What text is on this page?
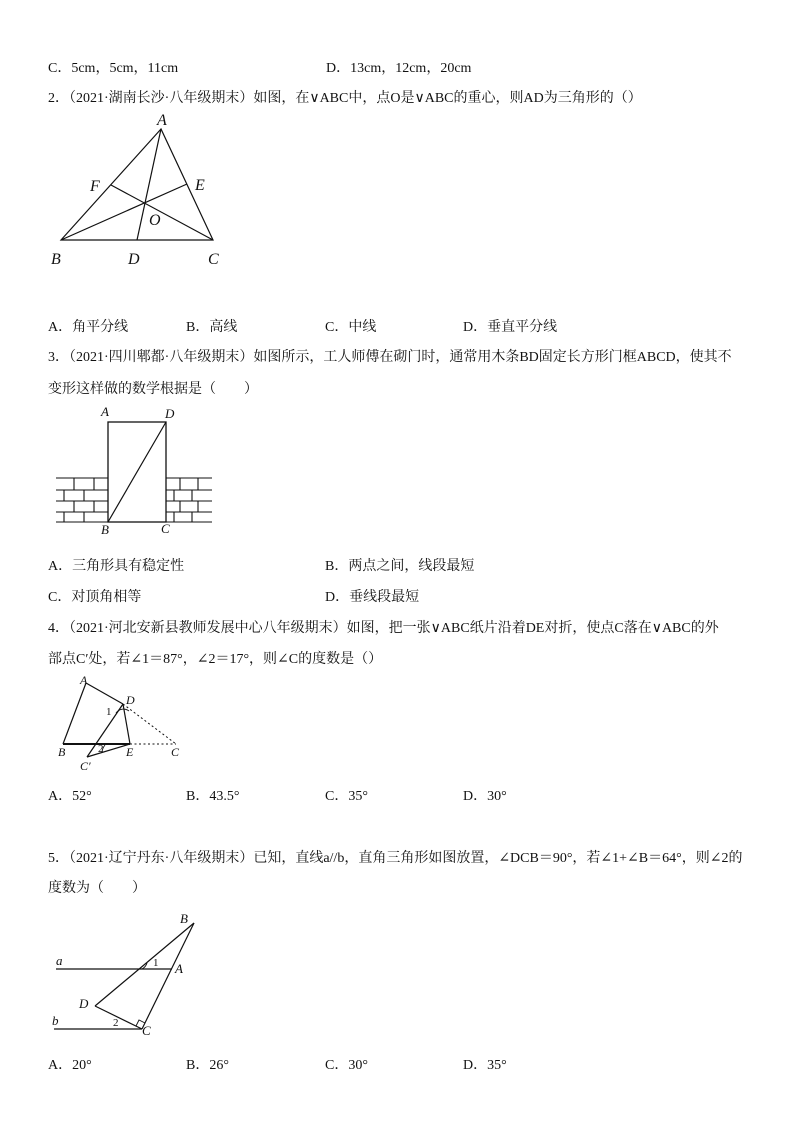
C．5cm，5cm，11cm	D．13cm，12cm，20cm
2．（2021·湖南长沙·八年级期末）如图，在∨ABC中，点O是∨ABC的重心，则AD为三角形的（）
A
B	C
D
E
F
O
A．角平分线	B．高线	C．中线	D．垂直平分线
3．（2021·四川郫都·八年级期末）如图所示，工人师傅在砌门时，通常用木条BD固定长方形门框ABCD，使其不
变形这样做的数学根据是（　　）
A	D
B	C
A．三角形具有稳定性	B．两点之间，线段最短
C．对顶角相等	D．垂线段最短
4．（2021·河北安新县教师发展中心八年级期末）如图，把一张∨ABC纸片沿着DE对折，使点C落在∨ABC的外
部点C′处，若∠1＝87°，∠2＝17°，则∠C的度数是（）
A
D
B	E	C
C′
1
2
A．52°	B．43.5°	C．35°	D．30°
5．（2021·辽宁丹东·八年级期末）已知，直线a//b，直角三角形如图放置，∠DCB＝90°，若∠1+∠B＝64°，则∠2的
度数为（　　）
a
b
B
A
D
C
1
2
A．20°	B．26°	C．30°	D．35°
